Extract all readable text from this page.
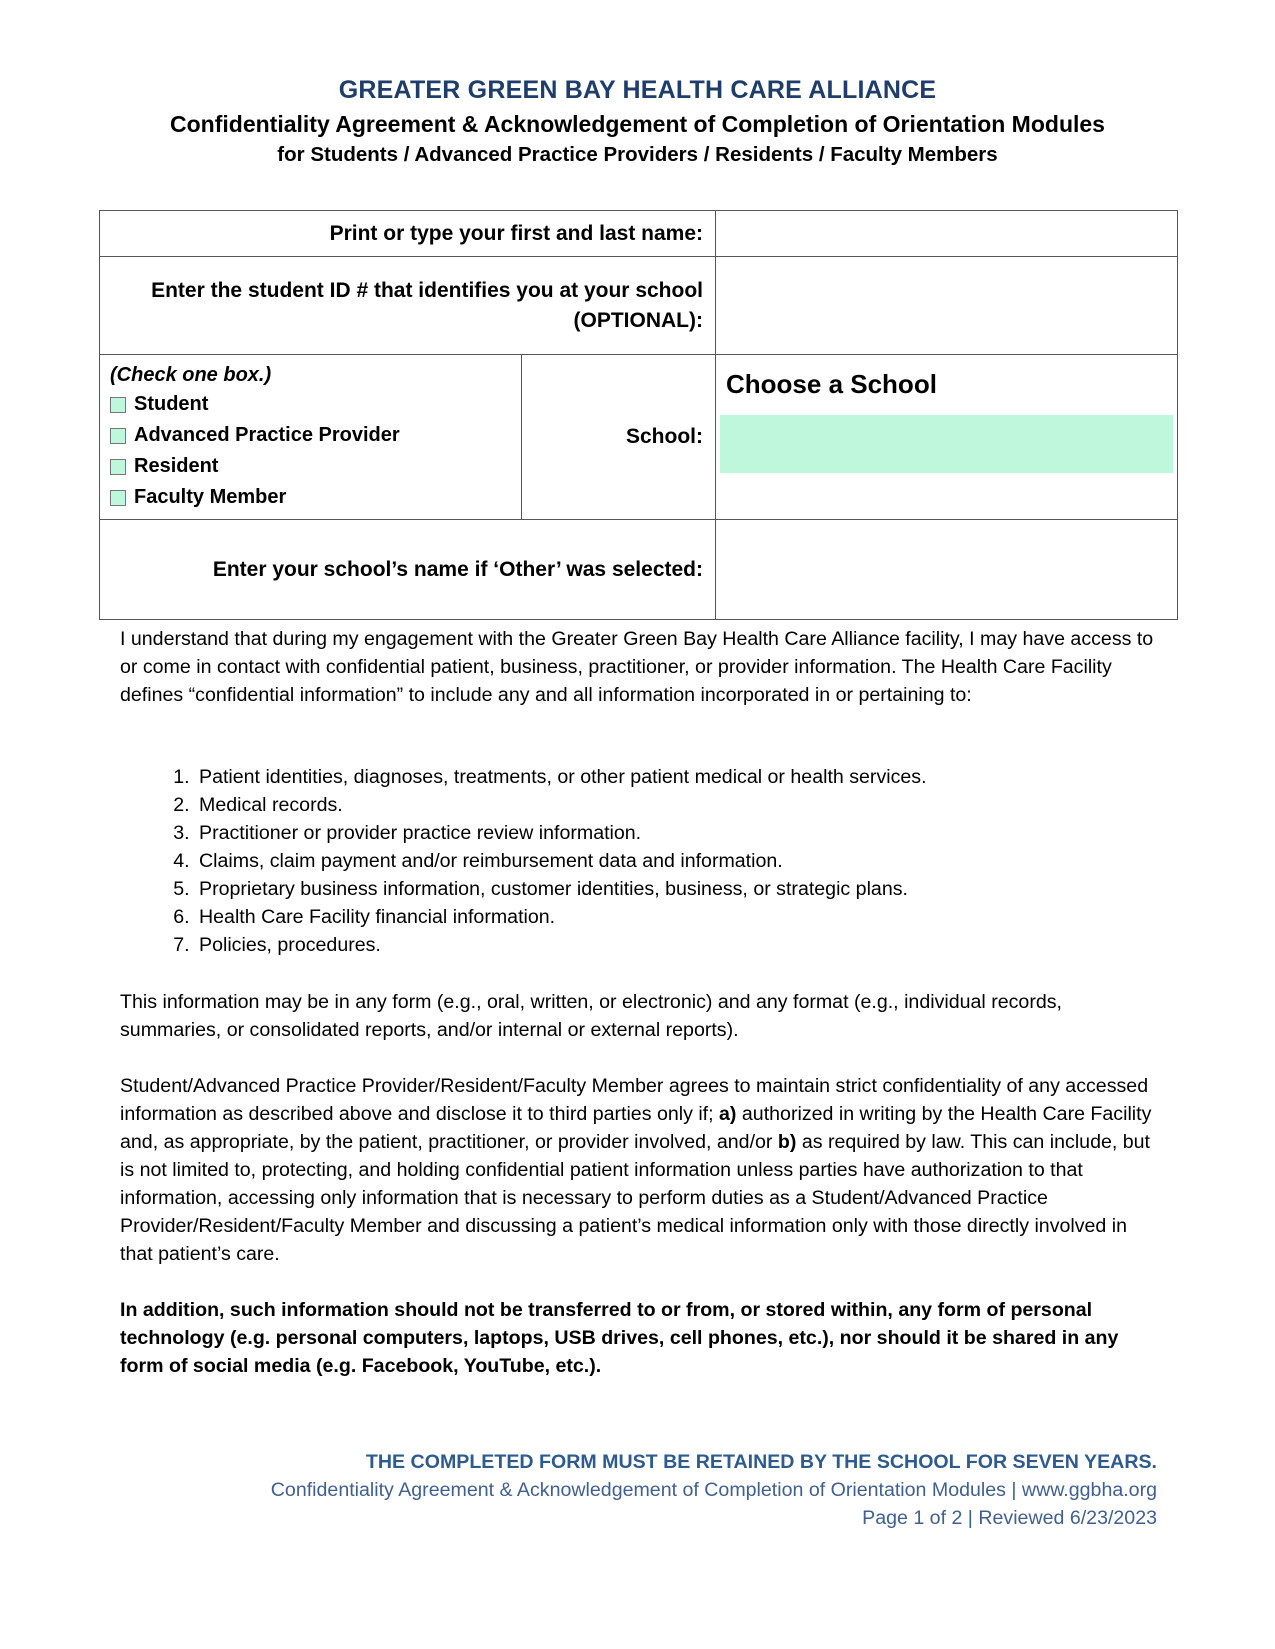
GREATER GREEN BAY HEALTH CARE ALLIANCE
Confidentiality Agreement & Acknowledgement of Completion of Orientation Modules
for Students / Advanced Practice Providers / Residents / Faculty Members
Print or type your first and last name:		

Enter the student ID # that identifies you at your school
(OPTIONAL):		

(Check one box.)
Student
Advanced Practice Provider
Resident
Faculty Member	School:	Choose a School

Enter your school’s name if ‘Other’ was selected:		
I understand that during my engagement with the Greater Green Bay Health Care Alliance facility, I may have access to or come in contact with confidential patient, business, practitioner, or provider information. The Health Care Facility defines “confidential information” to include any and all information incorporated in or pertaining to:
1. Patient identities, diagnoses, treatments, or other patient medical or health services.
2. Medical records.
3. Practitioner or provider practice review information.
4. Claims, claim payment and/or reimbursement data and information.
5. Proprietary business information, customer identities, business, or strategic plans.
6. Health Care Facility financial information.
7. Policies, procedures.
This information may be in any form (e.g., oral, written, or electronic) and any format (e.g., individual records, summaries, or consolidated reports, and/or internal or external reports).
Student/Advanced Practice Provider/Resident/Faculty Member agrees to maintain strict confidentiality of any accessed information as described above and disclose it to third parties only if; a) authorized in writing by the Health Care Facility and, as appropriate, by the patient, practitioner, or provider involved, and/or b) as required by law. This can include, but is not limited to, protecting, and holding confidential patient information unless parties have authorization to that information, accessing only information that is necessary to perform duties as a Student/Advanced Practice Provider/Resident/Faculty Member and discussing a patient’s medical information only with those directly involved in that patient’s care.
In addition, such information should not be transferred to or from, or stored within, any form of personal technology (e.g. personal computers, laptops, USB drives, cell phones, etc.), nor should it be shared in any form of social media (e.g. Facebook, YouTube, etc.).
THE COMPLETED FORM MUST BE RETAINED BY THE SCHOOL FOR SEVEN YEARS.
Confidentiality Agreement & Acknowledgement of Completion of Orientation Modules | www.ggbha.org
Page 1 of 2 | Reviewed 6/23/2023
